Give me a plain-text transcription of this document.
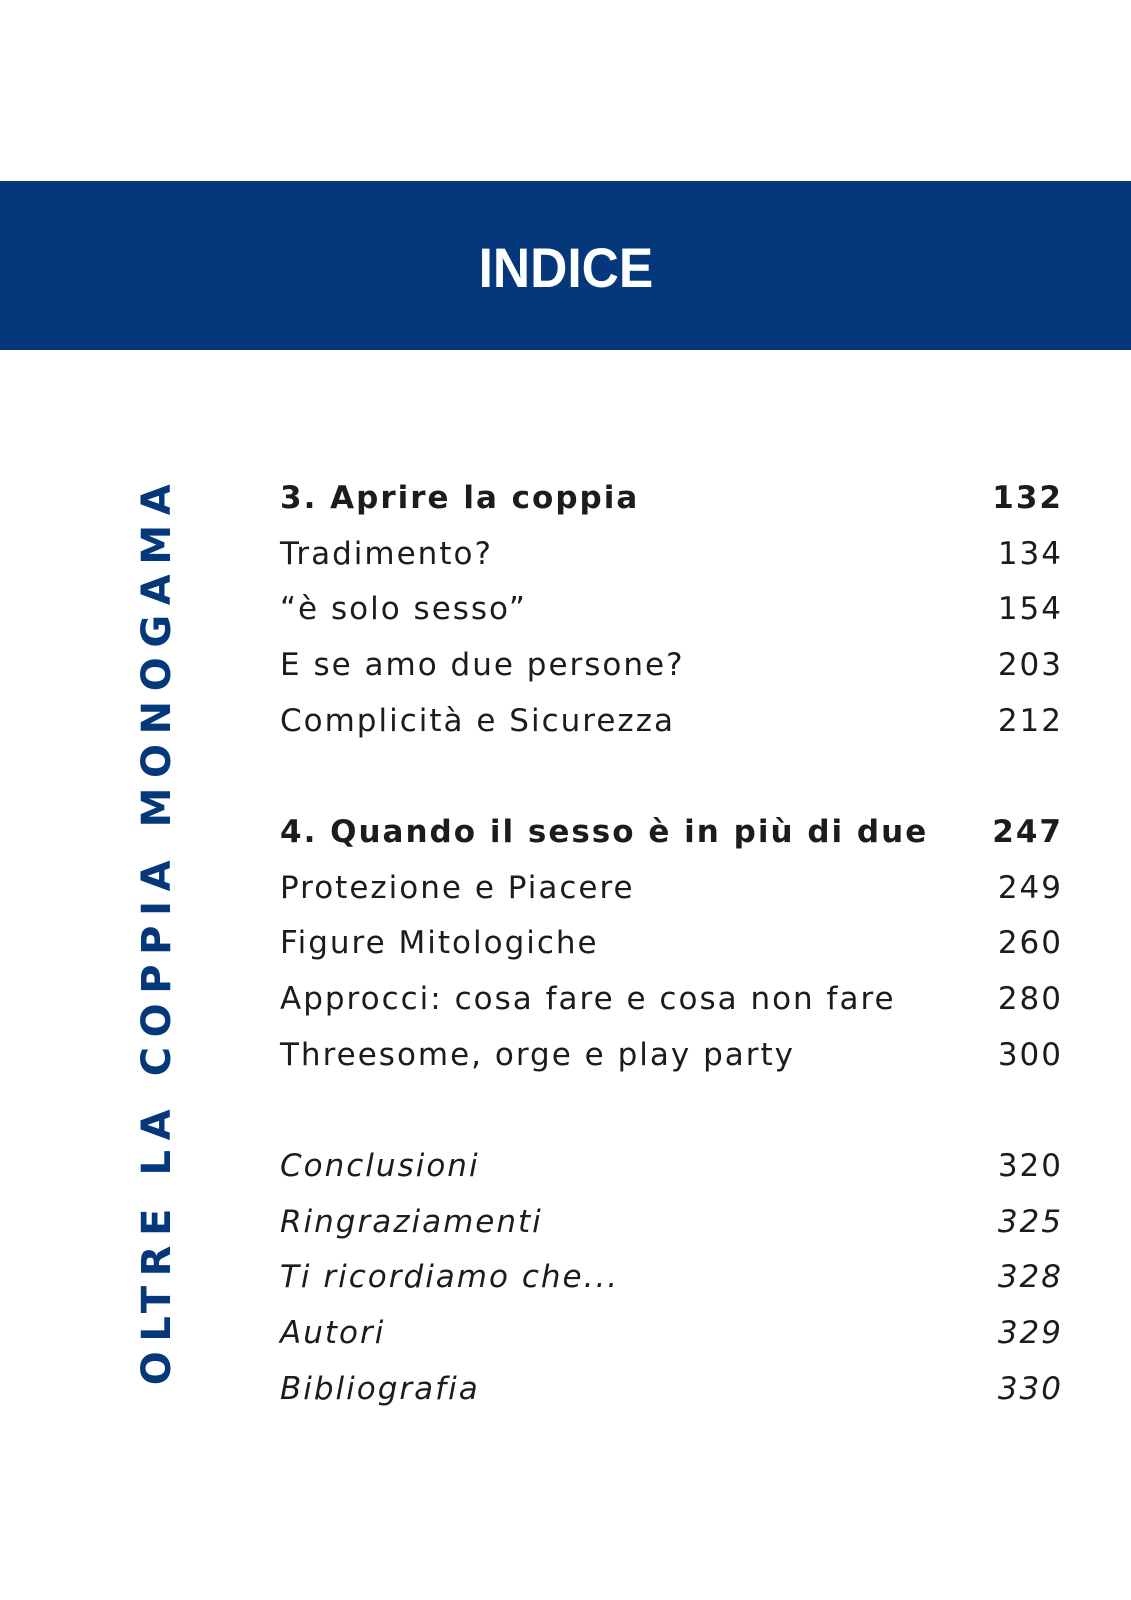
INDICE
OLTRE LA COPPIA MONOGAMA	3. Aprire la coppia	132
Tradimento?	134
“è solo sesso”	154
E se amo due persone?	203
Complicità e Sicurezza	212
4. Quando il sesso è in più di due 247
Protezione e Piacere	249
Figure Mitologiche	260
Approcci: cosa fare e cosa non fare	280
Threesome, orge e play party	300
Conclusioni	320
Ringraziamenti	325
Ti ricordiamo che...	328
Autori	329
Bibliografia	330
